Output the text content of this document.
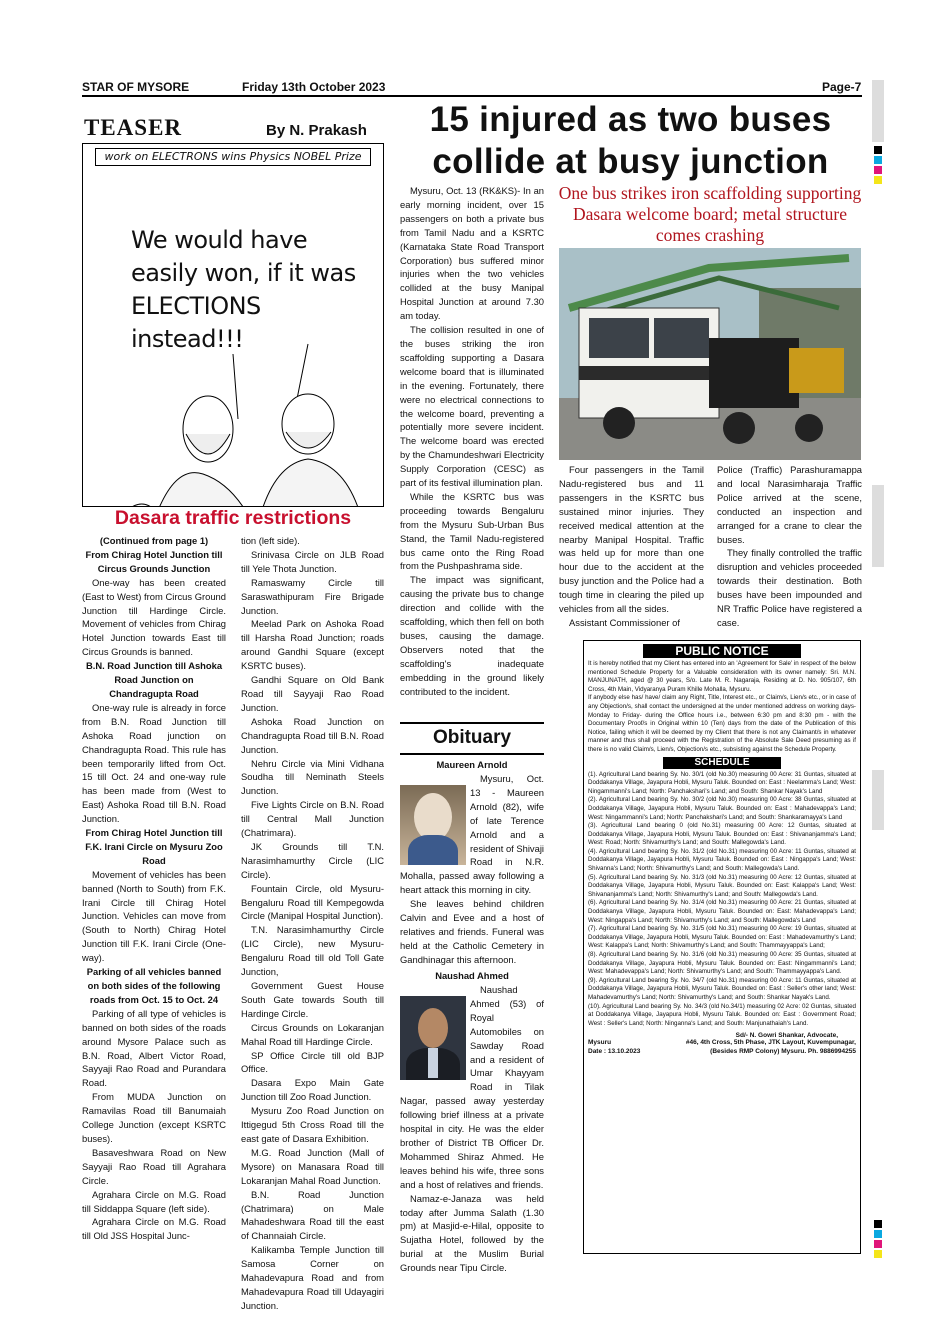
STAR OF MYSORE	Friday 13th October 2023	Page-7
TEASER	By N. Prakash
work on ELECTRONS wins Physics NOBEL Prize
We would have easily won, if it was ELECTIONS instead!!!
Dasara traffic restrictions

(Continued from page 1)

From Chirag Hotel Junction till Circus Grounds Junction

One-way has been created (East to West) from Circus Ground Junction till Hardinge Circle. Movement of vehicles from Chirag Hotel Junction towards East till Circus Grounds is banned.

B.N. Road Junction till Ashoka Road Junction on Chandragupta Road

One-way rule is already in force from B.N. Road Junction till Ashoka Road junction on Chandragupta Road. This rule has been temporarily lifted from Oct. 15 till Oct. 24 and one-way rule has been made from (West to East) Ashoka Road till B.N. Road Junction.

From Chirag Hotel Junction till F.K. Irani Circle on Mysuru Zoo Road

Movement of vehicles has been banned (North to South) from F.K. Irani Circle till Chirag Hotel Junction. Vehicles can move from (South to North) Chirag Hotel Junction till F.K. Irani Circle (One-way).

Parking of all vehicles banned on both sides of the following roads from Oct. 15 to Oct. 24

Parking of all type of vehicles is banned on both sides of the roads around Mysore Palace such as B.N. Road, Albert Victor Road, Sayyaji Rao Road and Purandara Road.

From MUDA Junction on Ramavilas Road till Banumaiah College Junction (except KSRTC buses).

Basaveshwara Road on New Sayyaji Rao Road till Agrahara Circle.

Agrahara Circle on M.G. Road till Siddappa Square (left side).

Agrahara Circle on M.G. Road till Old JSS Hospital Junc-

tion (left side).

Srinivasa Circle on JLB Road till Yele Thota Junction.

Ramaswamy Circle till Saraswathipuram Fire Brigade Junction.

Meelad Park on Ashoka Road till Harsha Road Junction; roads around Gandhi Square (except KSRTC buses).

Gandhi Square on Old Bank Road till Sayyaji Rao Road Junction.

Ashoka Road Junction on Chandragupta Road till B.N. Road Junction.

Nehru Circle via Mini Vidhana Soudha till Neminath Steels Junction.

Five Lights Circle on B.N. Road till Central Mall Junction (Chatrimara).

JK Grounds till T.N. Narasimhamurthy Circle (LIC Circle).

Fountain Circle, old Mysuru-Bengaluru Road till Kempegowda Circle (Manipal Hospital Junction).

T.N. Narasimhamurthy Circle (LIC Circle), new Mysuru-Bengaluru Road till old Toll Gate Junction,

Government Guest House South Gate towards South till Hardinge Circle.

Circus Grounds on Lokaranjan Mahal Road till Hardinge Circle.

SP Office Circle till old BJP Office.

Dasara Expo Main Gate Junction till Zoo Road Junction.

Mysuru Zoo Road Junction on Ittigegud 5th Cross Road till the east gate of Dasara Exhibition.

M.G. Road Junction (Mall of Mysore) on Manasara Road till Lokaranjan Mahal Road Junction.

B.N. Road Junction (Chatrimara) on Male Mahadeshwara Road till the east of Channaiah Circle.

Kalikamba Temple Junction till Samosa Corner on Mahadevapura Road and from Mahadevapura Road till Udayagiri Junction.

15 injured as two buses
collide at busy junction

Mysuru, Oct. 13 (RK&KS)- In an early morning incident, over 15 passengers on both a private bus from Tamil Nadu and a KSRTC (Karnataka State Road Transport Corporation) bus suffered minor injuries when the two vehicles collided at the busy Manipal Hospital Junction at around 7.30 am today.

The collision resulted in one of the buses striking the iron scaffolding supporting a Dasara welcome board that is illuminated in the evening. Fortunately, there were no electrical connections to the welcome board, preventing a potentially more severe incident. The welcome board was erected by the Chamundeshwari Electricity Supply Corporation (CESC) as part of its festival illumination plan.

While the KSRTC bus was proceeding towards Bengaluru from the Mysuru Sub-Urban Bus Stand, the Tamil Nadu-registered bus came onto the Ring Road from the Pushpashrama side.

The impact was significant, causing the private bus to change direction and collide with the scaffolding, which then fell on both buses, causing the damage. Observers noted that the scaffolding's inadequate embedding in the ground likely contributed to the incident.

One bus strikes iron scaffolding supporting Dasara welcome board; metal structure comes crashing

Four passengers in the Tamil Nadu-registered bus and 11 passengers in the KSRTC bus sustained minor injuries. They received medical attention at the nearby Manipal Hospital. Traffic was held up for more than one hour due to the accident at the busy junction and the Police had a tough time in clearing the piled up vehicles from all the sides.

Assistant Commissioner of

Police (Traffic) Parashuramappa and local Narasimharaja Traffic Police arrived at the scene, conducted an inspection and arranged for a crane to clear the buses.

They finally controlled the traffic disruption and vehicles proceeded towards their destination. Both buses have been impounded and NR Traffic Police have registered a case.

Obituary
Maureen Arnold

Mysuru, Oct. 13 - Maureen Arnold (82), wife of late Terence Arnold and a resident of Shivaji Road in N.R. Mohalla, passed away following a heart attack this morning in city.

She leaves behind children Calvin and Evee and a host of relatives and friends. Funeral was held at the Catholic Cemetery in Gandhinagar this afternoon.

Naushad Ahmed

Naushad Ahmed (53) of Royal Automobiles on Sawday Road and a resident of Umar Khayyam Road in Tilak Nagar, passed away yesterday following brief illness at a private hospital in city. He was the elder brother of District TB Officer Dr. Mohammed Shiraz Ahmed. He leaves behind his wife, three sons and a host of relatives and friends.

Namaz-e-Janaza was held today after Jumma Salath (1.30 pm) at Masjid-e-Hilal, opposite to Sujatha Hotel, followed by the burial at the Muslim Burial Grounds near Tipu Circle.

PUBLIC NOTICE
It is hereby notified that my Client has entered into an 'Agreement for Sale' in respect of the below mentioned Schedule Property for a Valuable consideration with its owner namely: Sri. M.N. MANJUNATH, aged @ 30 years, S/o. Late M. R. Nagaraja, Residing at D. No. 905/107, 6th Cross, 4th Main, Vidyaranya Puram Khille Mohalla, Mysuru.
If anybody else has/ have/ claim any Right, Title, Interest etc., or Claim/s, Lien/s etc., or in case of any Objection/s, shall contact the undersigned at the under mentioned address on working days- Monday to Friday- during the Office hours i.e., between 6:30 pm and 8:30 pm - with the Documentary Proof/s in Original within 10 (Ten) days from the date of the Publication of this Notice, failing which it will be deemed by my Client that there is not any Claimant/s in whatever manner and thus shall proceed with the Registration of the Absolute Sale Deed presuming as if there is no valid Claim/s, Lien/s, Objection/s etc., subsisting against the Schedule Property.
SCHEDULE
(1). Agricultural Land bearing Sy. No. 30/1 (old No.30) measuring 00 Acre: 31 Guntas, situated at Doddakanya Village, Jayapura Hobli, Mysuru Taluk. Bounded on: East : Neelamma's Land; West: Ningammanni's Land; North: Panchakshari's Land; and South: Shankar Nayak's Land
(2). Agricultural Land bearing Sy. No. 30/2 (old No.30) measuring 00 Acre: 38 Guntas, situated at Doddakanya Village, Jayapura Hobli, Mysuru Taluk. Bounded on: East : Mahadevappa's Land; West: Ningammanni's Land; North: Panchakshari's Land; and South: Shankaramayya's Land
(3). Agricultural Land bearing 0 (old No.31) measuring 00 Acre: 12 Guntas, situated at Doddakanya Village, Jayapura Hobli, Mysuru Taluk. Bounded on: East : Shivananjamma's Land; West: Road; North: Shivamurthy's Land; and South: Mallegowda's Land.
(4). Agricultural Land bearing Sy. No. 31/2 (old No.31) measuring 00 Acre: 11 Guntas, situated at Doddakanya Village, Jayapura Hobli, Mysuru Taluk. Bounded on: East : Ningappa's Land; West: Shivanna's Land; North: Shivamurthy's Land; and South: Mallegowda's Land.
(5). Agricultural Land bearing Sy. No. 31/3 (old No.31) measuring 00 Acre: 12 Guntas, situated at Doddakanya Village, Jayapura Hobli, Mysuru Taluk. Bounded on: East: Kalappa's Land; West: Shivananjamma's Land; North: Shivamurthy's Land; and South: Mallegowda's Land.
(6). Agricultural Land bearing Sy. No. 31/4 (old No.31) measuring 00 Acre: 21 Guntas, situated at Doddakanya Village, Jayapura Hobli, Mysuru Taluk. Bounded on: East: Mahadevappa's Land; West: Ningappa's Land; North: Shivamurthy's Land; and South: Mallegowda's Land
(7). Agricultural Land bearing Sy. No. 31/5 (old No.31) measuring 00 Acre: 19 Guntas, situated at Doddakanya Village, Jayapura Hobli, Mysuru Taluk. Bounded on: East : Mahadevamurthy's Land; West: Kalappa's Land; North: Shivamurthy's Land; and South: Thammayyappa's Land;
(8). Agricultural Land bearing Sy. No. 31/6 (old No.31) measuring 00 Acre: 35 Guntas, situated at Doddakanya Village, Jayapura Hobli, Mysuru Taluk. Bounded on: East: Ningammanni's Land; West: Mahadevappa's Land; North: Shivamurthy's Land; and South: Thammayyappa's Land.
(9). Agricultural Land bearing Sy. No. 34/7 (old No.31) measuring 00 Acre: 11 Guntas, situated at Doddakanya Village, Jayapura Hobli, Mysuru Taluk. Bounded on: East : Seller's other land; West: Mahadevamurthy's Land; North: Shivamurthy's Land; and South: Shankar Nayak's Land.
(10). Agricultural Land bearing Sy. No. 34/3 (old No.34/1) measuring 02 Acre: 02 Guntas, situated at Doddakanya Village, Jayapura Hobli, Mysuru Taluk. Bounded on: East : Government Road; West : Seller's Land; North: Ninganna's Land; and South: Manjunathaiah's Land.
Sd/- N. Gowri Shankar, Advocate,
Mysuru	#46, 4th Cross, 5th Phase, JTK Layout, Kuvempunagar,
Date : 13.10.2023	(Besides RMP Colony) Mysuru. Ph. 9886994255
